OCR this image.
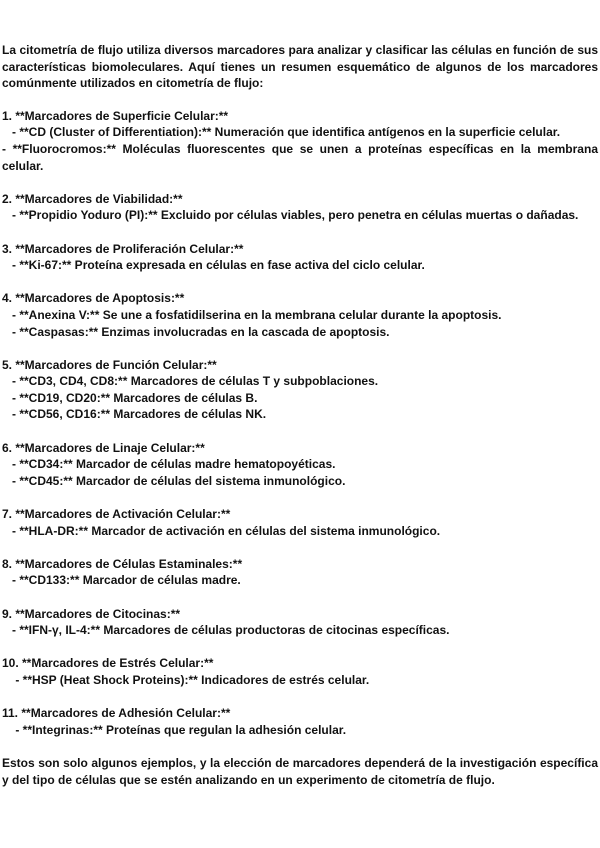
La citometría de flujo utiliza diversos marcadores para analizar y clasificar las células en función de sus características biomoleculares. Aquí tienes un resumen esquemático de algunos de los marcadores comúnmente utilizados en citometría de flujo:

1. **Marcadores de Superficie Celular:**

- **CD (Cluster of Differentiation):** Numeración que identifica antígenos en la superficie celular.

- **Fluorocromos:** Moléculas fluorescentes que se unen a proteínas específicas en la membrana celular.

2. **Marcadores de Viabilidad:**

- **Propidio Yoduro (PI):** Excluido por células viables, pero penetra en células muertas o dañadas.

3. **Marcadores de Proliferación Celular:**

- **Ki-67:** Proteína expresada en células en fase activa del ciclo celular.

4. **Marcadores de Apoptosis:**

- **Anexina V:** Se une a fosfatidilserina en la membrana celular durante la apoptosis.

- **Caspasas:** Enzimas involucradas en la cascada de apoptosis.

5. **Marcadores de Función Celular:**

- **CD3, CD4, CD8:** Marcadores de células T y subpoblaciones.

- **CD19, CD20:** Marcadores de células B.

- **CD56, CD16:** Marcadores de células NK.

6. **Marcadores de Linaje Celular:**

- **CD34:** Marcador de células madre hematopoyéticas.

- **CD45:** Marcador de células del sistema inmunológico.

7. **Marcadores de Activación Celular:**

- **HLA-DR:** Marcador de activación en células del sistema inmunológico.

8. **Marcadores de Células Estaminales:**

- **CD133:** Marcador de células madre.

9. **Marcadores de Citocinas:**

- **IFN-γ, IL-4:** Marcadores de células productoras de citocinas específicas.

10. **Marcadores de Estrés Celular:**

- **HSP (Heat Shock Proteins):** Indicadores de estrés celular.

11. **Marcadores de Adhesión Celular:**

- **Integrinas:** Proteínas que regulan la adhesión celular.

Estos son solo algunos ejemplos, y la elección de marcadores dependerá de la investigación específica y del tipo de células que se estén analizando en un experimento de citometría de flujo.
